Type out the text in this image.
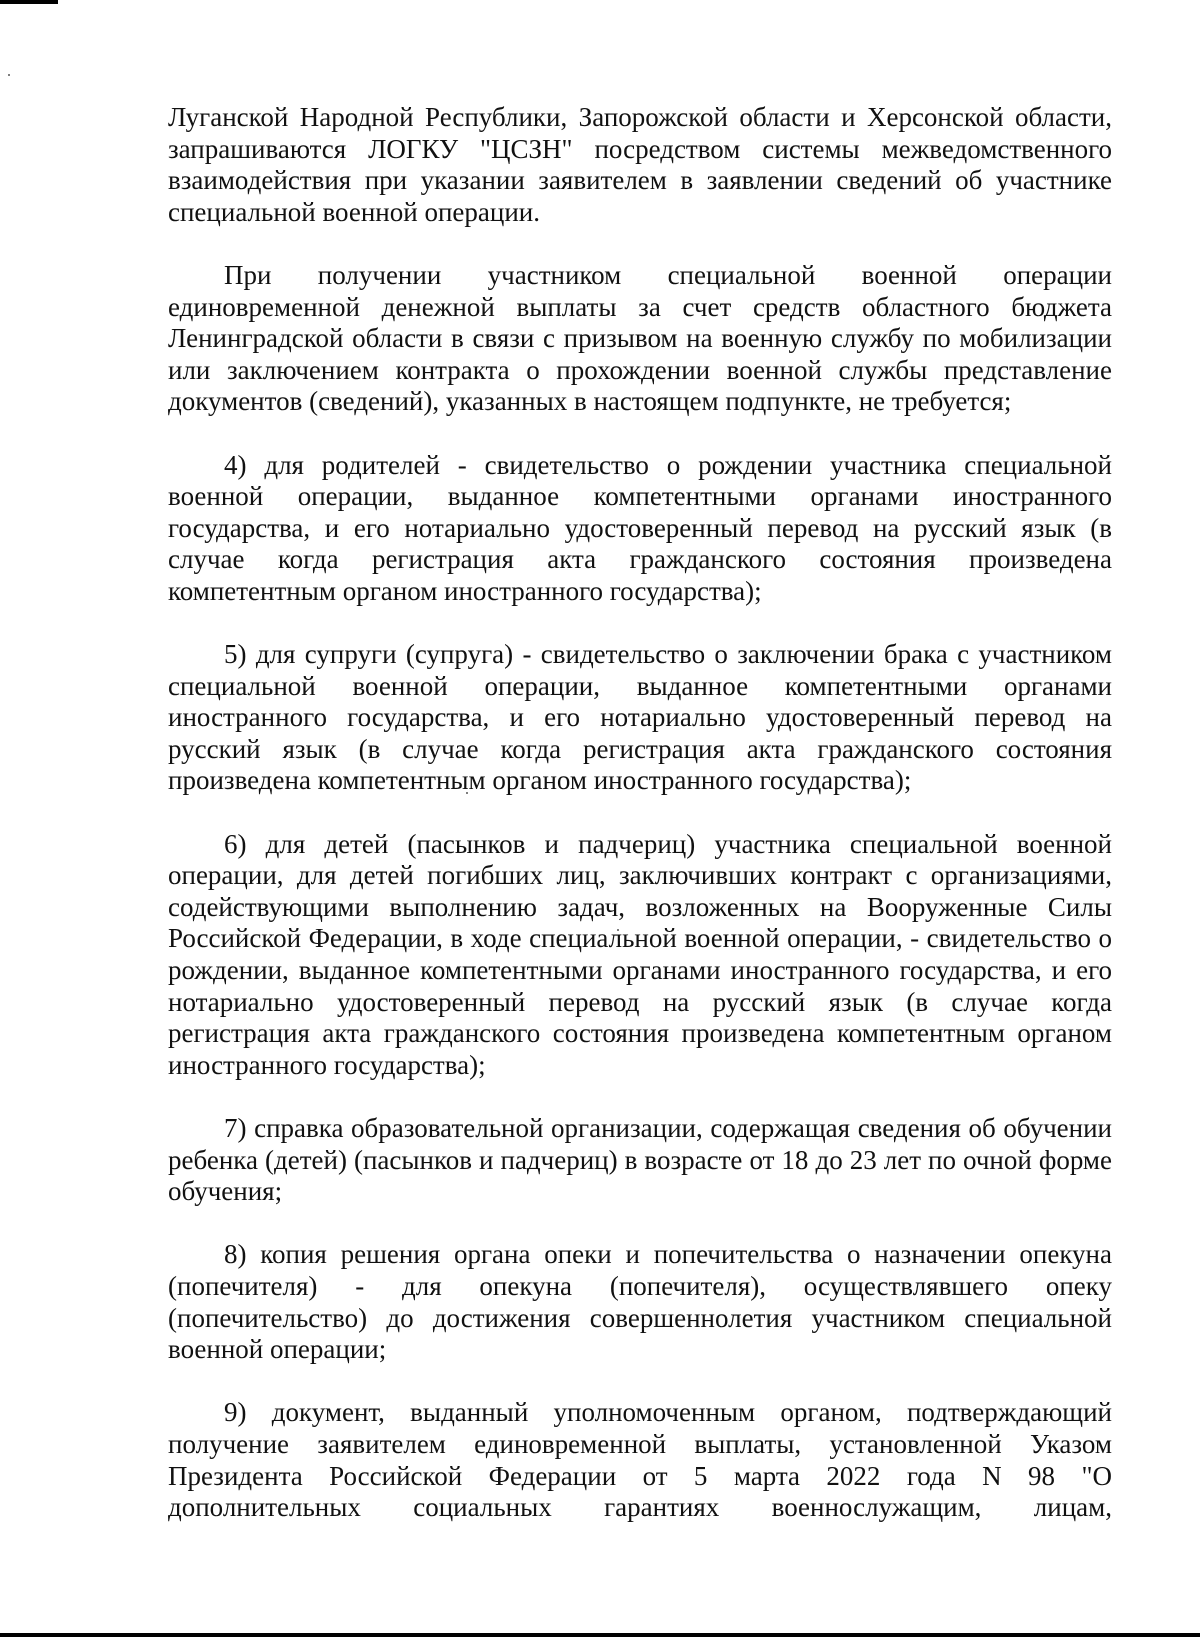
Луганской Народной Республики, Запорожской области и Херсонской области, запрашиваются ЛОГКУ "ЦСЗН" посредством системы межведомственного взаимодействия при указании заявителем в заявлении сведений об участнике специальной военной операции.

При получении участником специальной военной операции единовременной денежной выплаты за счет средств областного бюджета Ленинградской области в связи с призывом на военную службу по мобилизации или заключением контракта о прохождении военной службы представление документов (сведений), указанных в настоящем подпункте, не требуется;

4) для родителей - свидетельство о рождении участника специальной военной операции, выданное компетентными органами иностранного государства, и его нотариально удостоверенный перевод на русский язык (в случае когда регистрация акта гражданского состояния произведена компетентным органом иностранного государства);

5) для супруги (супруга) - свидетельство о заключении брака с участником специальной военной операции, выданное компетентными органами иностранного государства, и его нотариально удостоверенный перевод на русский язык (в случае когда регистрация акта гражданского состояния произведена компетентным органом иностранного государства);

6) для детей (пасынков и падчериц) участника специальной военной операции, для детей погибших лиц, заключивших контракт с организациями, содействующими выполнению задач, возложенных на Вооруженные Силы Российской Федерации, в ходе специальной военной операции, - свидетельство о рождении, выданное компетентными органами иностранного государства, и его нотариально удостоверенный перевод на русский язык (в случае когда регистрация акта гражданского состояния произведена компетентным органом иностранного государства);

7) справка образовательной организации, содержащая сведения об обучении ребенка (детей) (пасынков и падчериц) в возрасте от 18 до 23 лет по очной форме обучения;

8) копия решения органа опеки и попечительства о назначении опекуна (попечителя) - для опекуна (попечителя), осуществлявшего опеку (попечительство) до достижения совершеннолетия участником специальной военной операции;

9) документ, выданный уполномоченным органом, подтверждающий получение заявителем единовременной выплаты, установленной Указом Президента Российской Федерации от 5 марта 2022 года N 98 "О дополнительных социальных гарантиях военнослужащим, лицам,
